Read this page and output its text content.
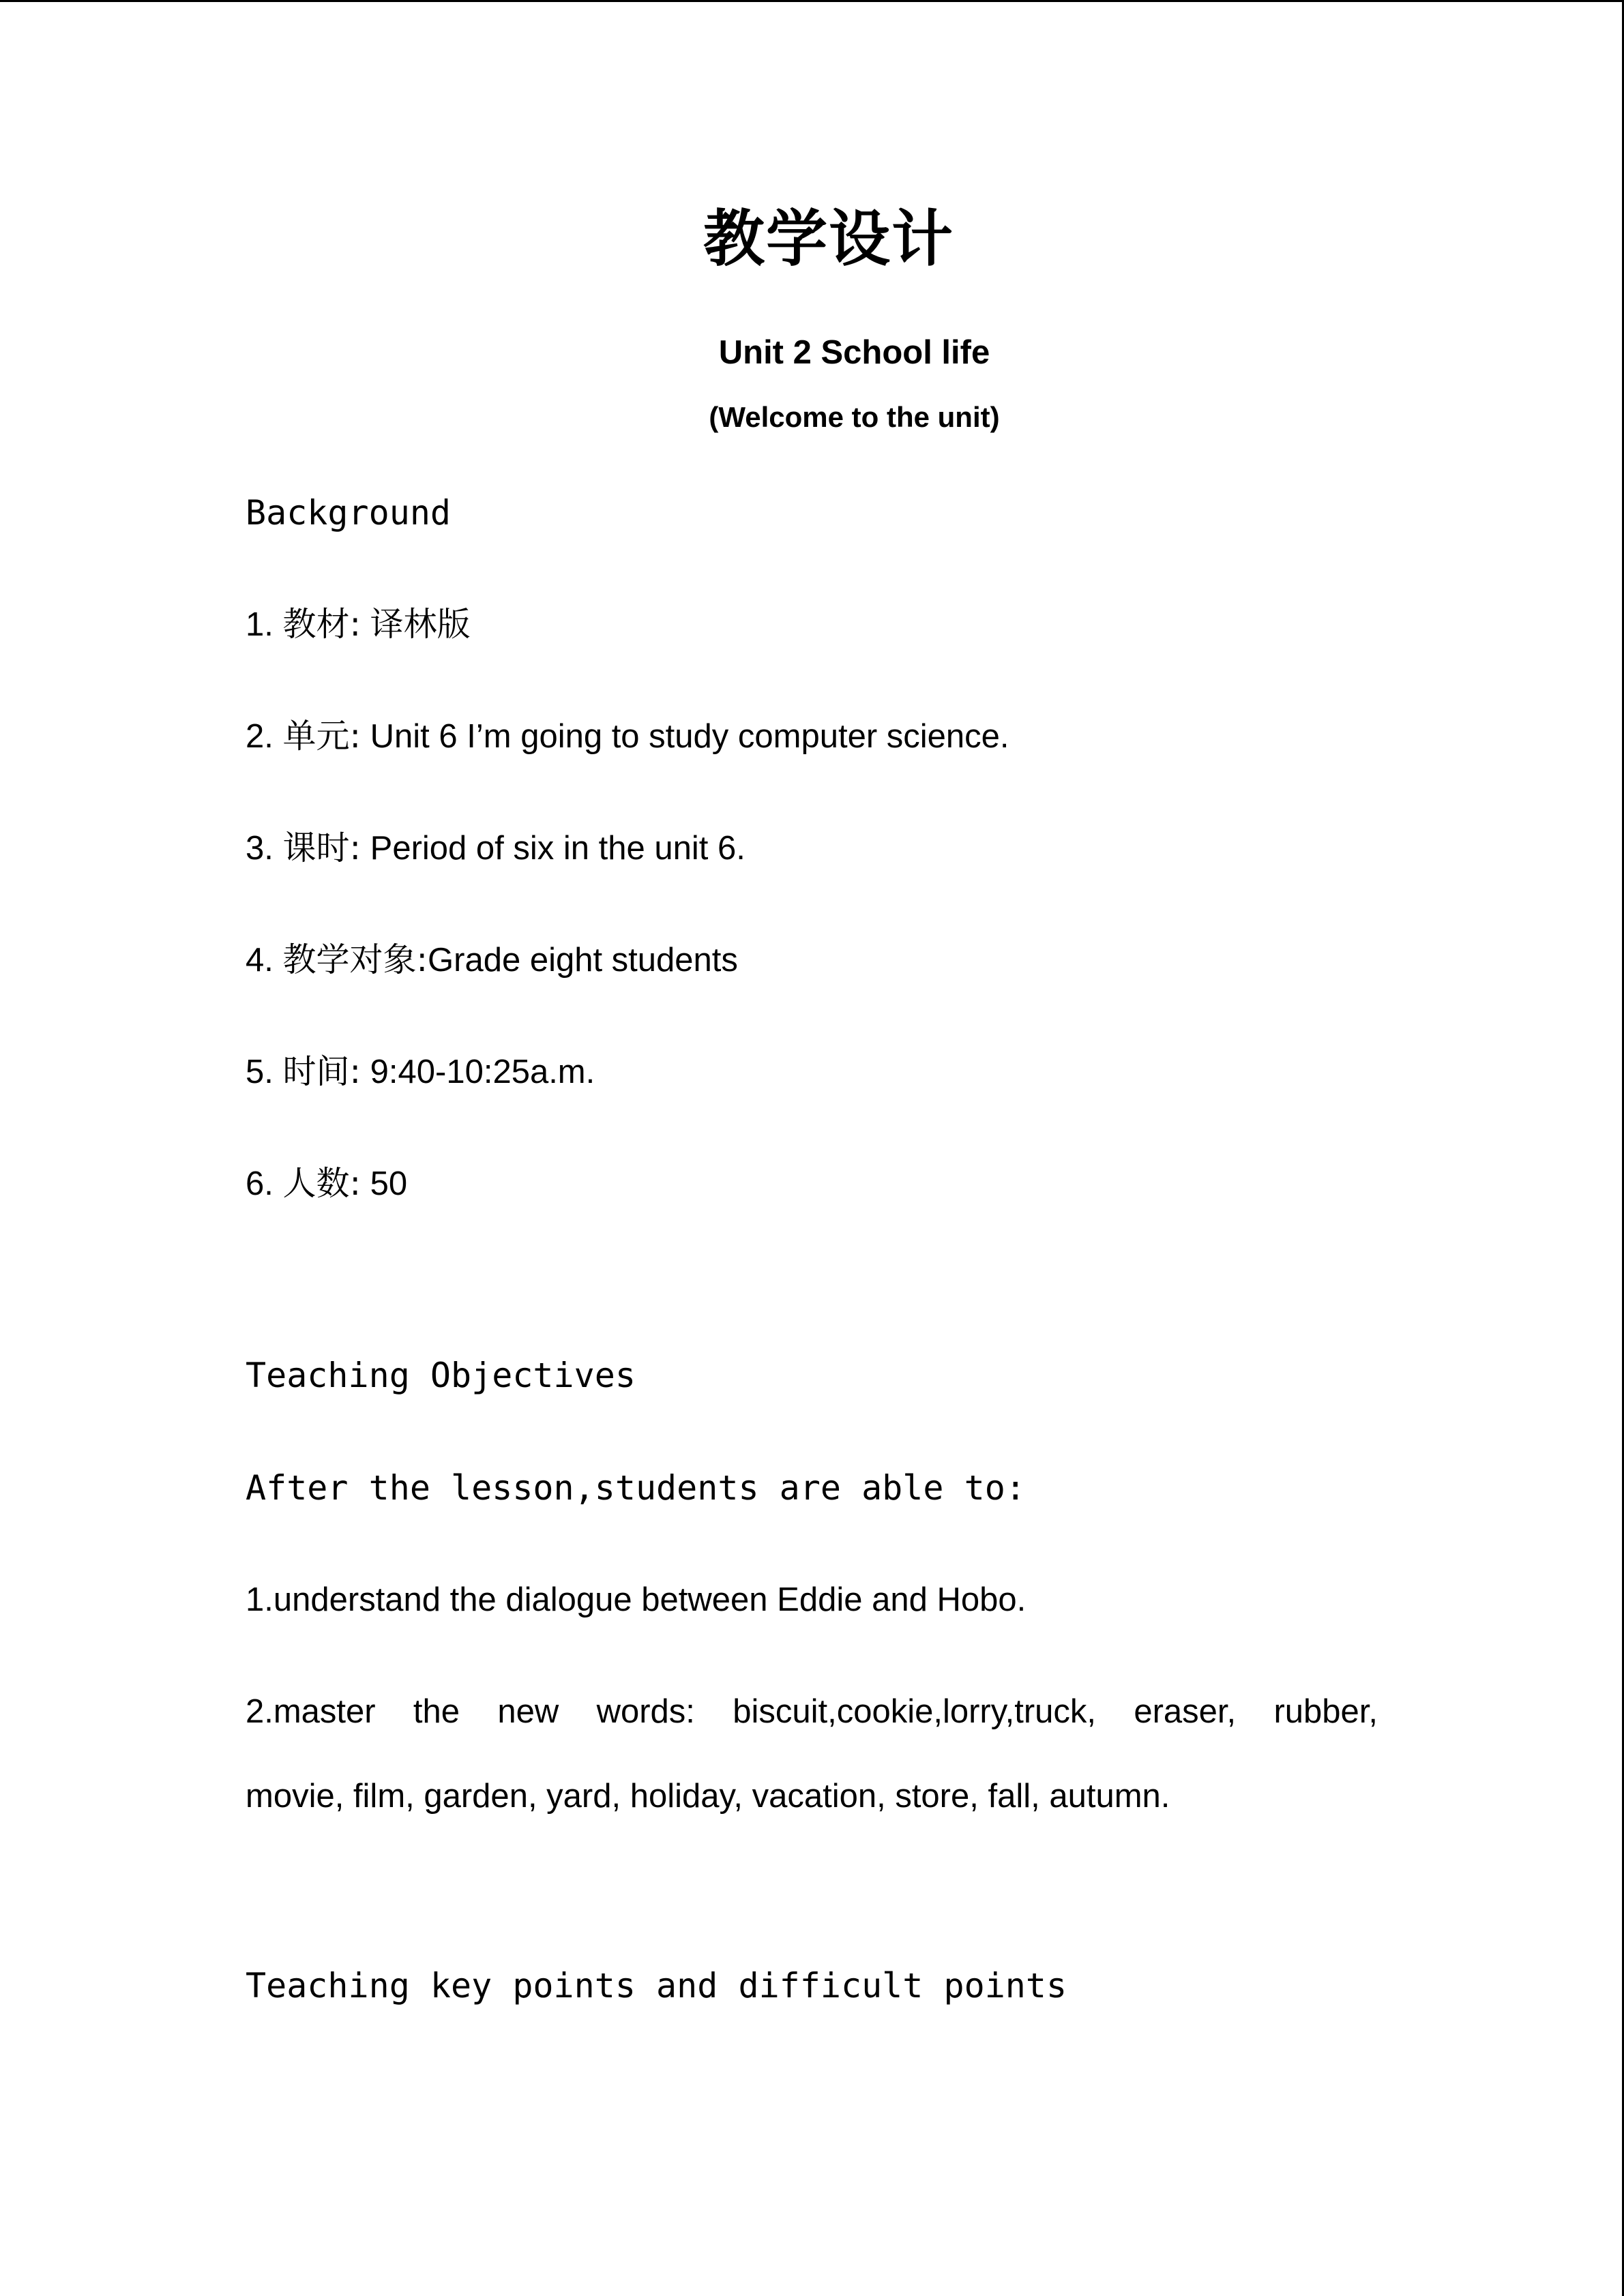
教学设计
Unit 2 School life
(Welcome to the unit)
Background
1. 教材: 译林版
2. 单元: Unit 6 I’m going to study computer science.
3. 课时: Period of six in the unit 6.
4. 教学对象:Grade eight students
5. 时间: 9:40-10:25a.m.
6. 人数: 50
Teaching Objectives
After the lesson,students are able to:
1.understand the dialogue between Eddie and Hobo.
2.master the new words: biscuit,cookie,lorry,truck, eraser, rubber,
movie, film, garden, yard, holiday, vacation, store, fall, autumn.
Teaching key points and difficult points
